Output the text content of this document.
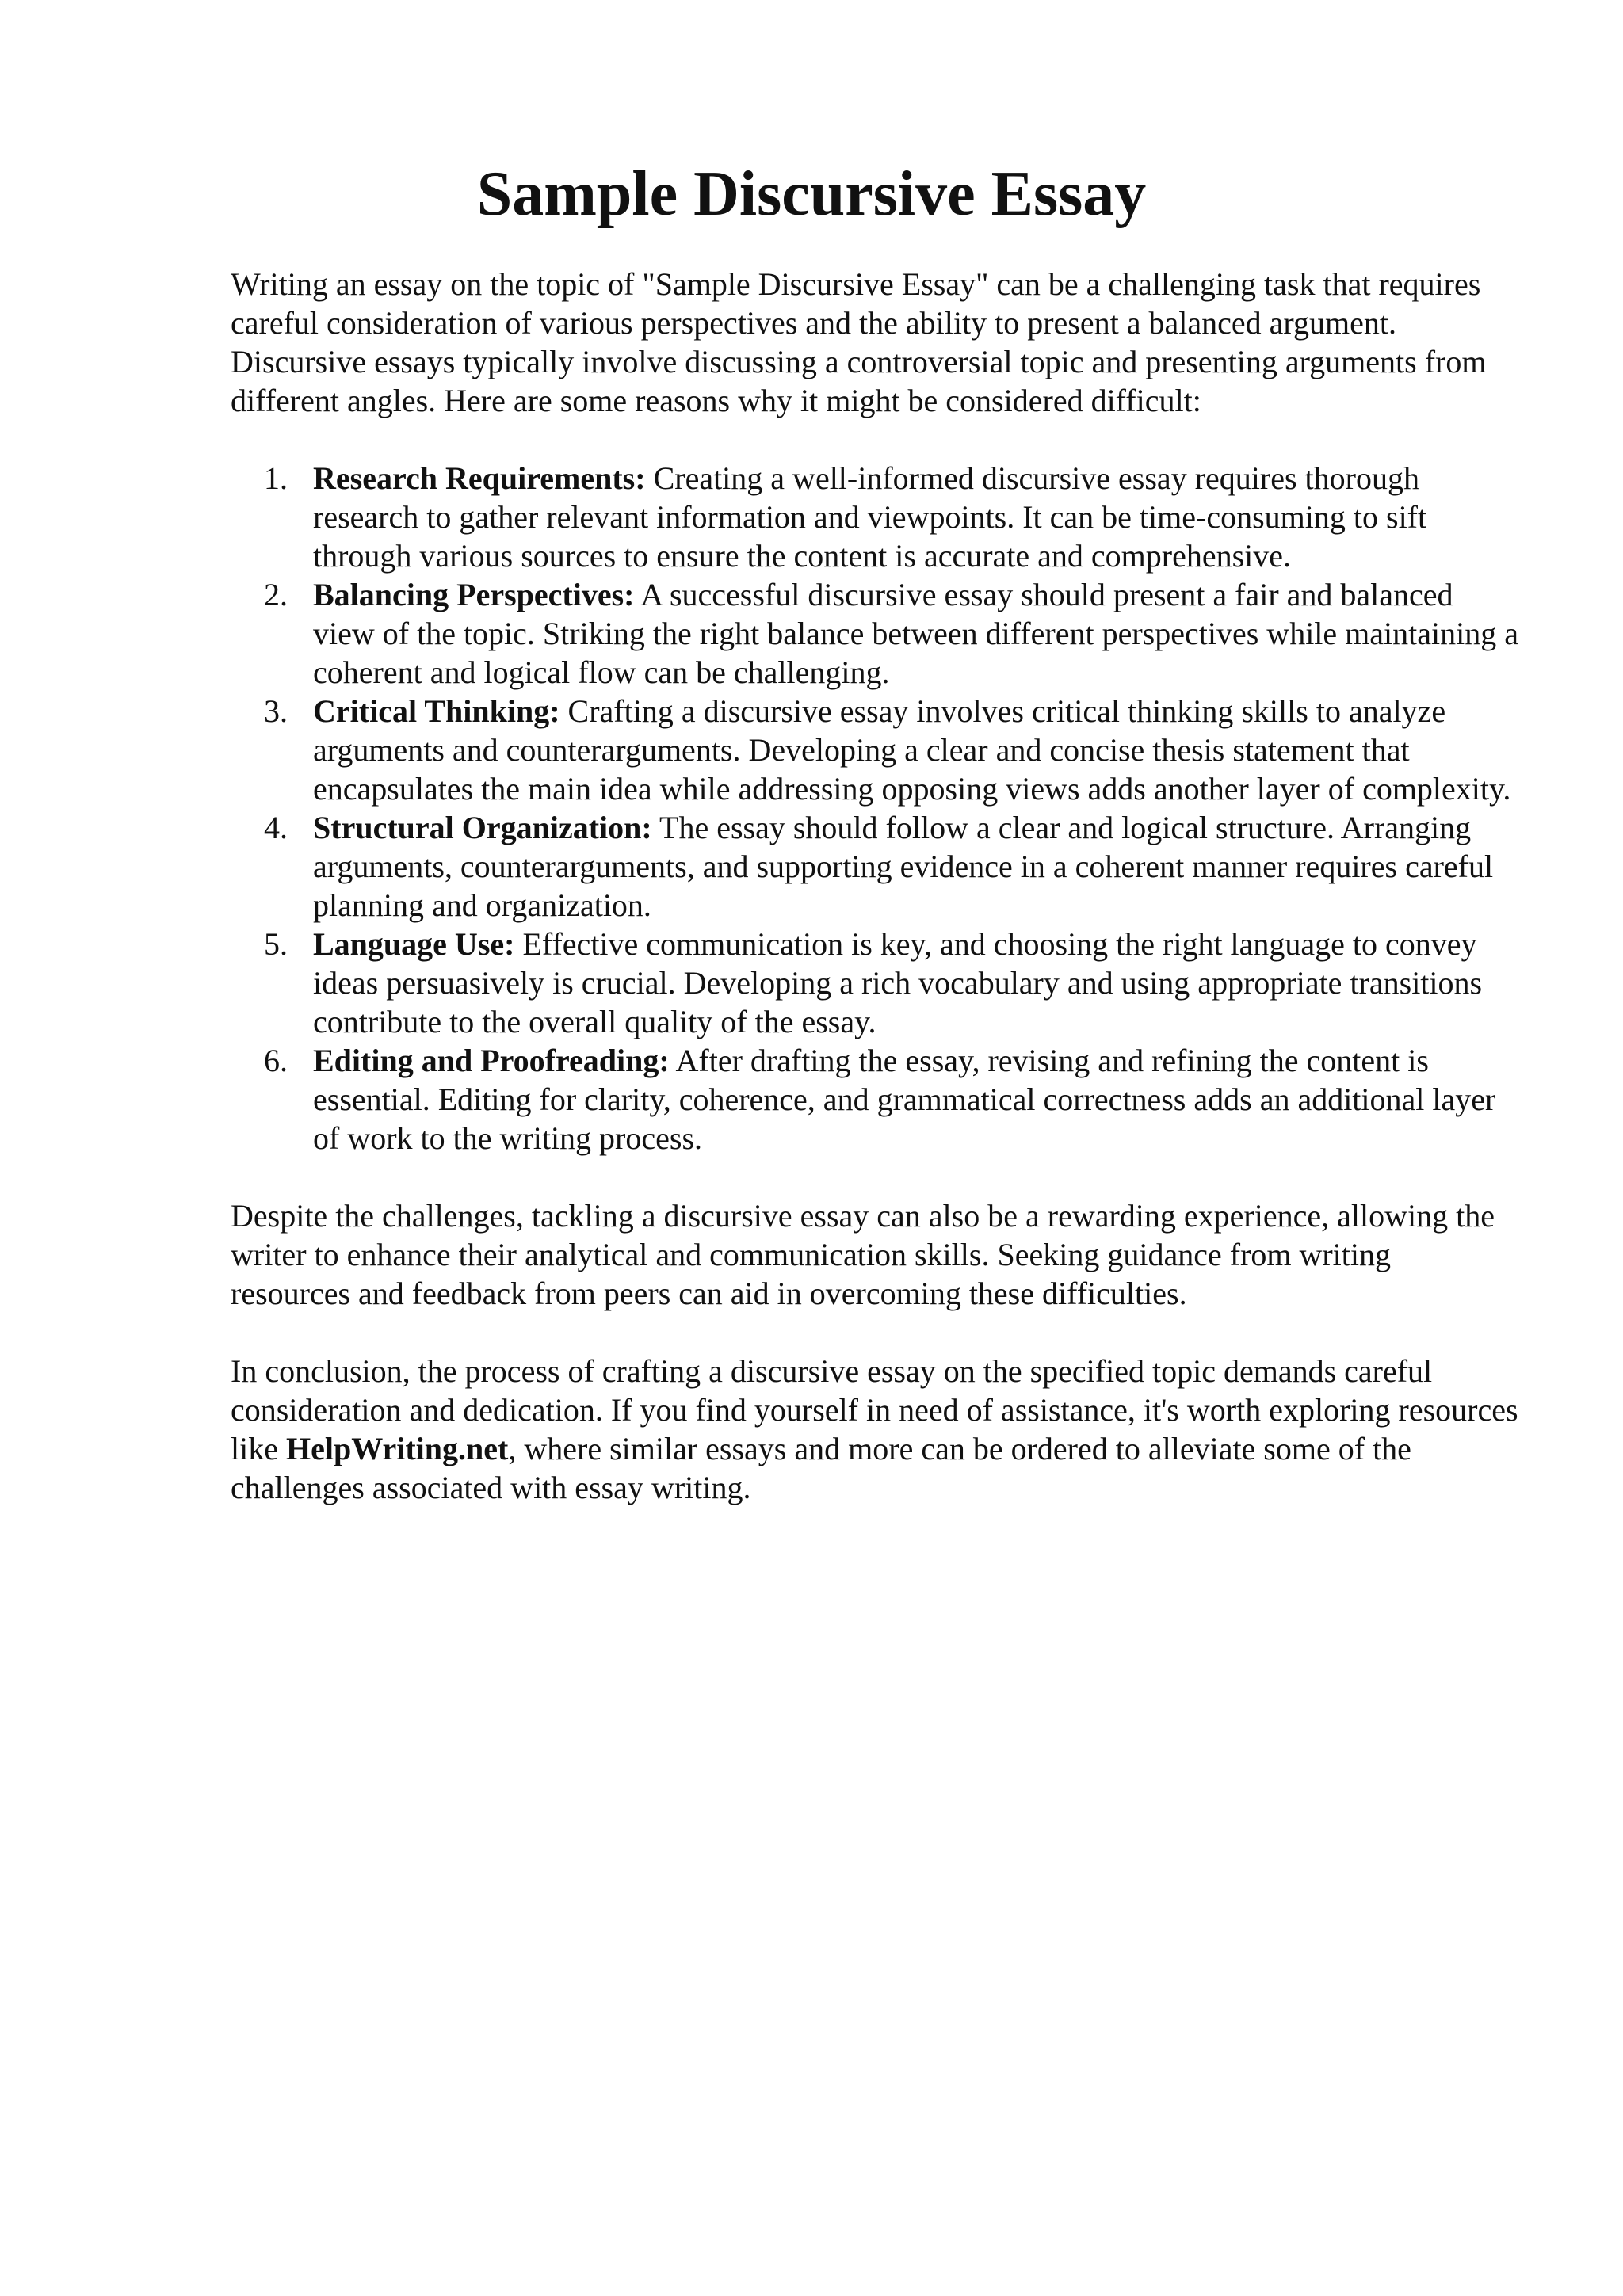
Sample Discursive Essay

Writing an essay on the topic of "Sample Discursive Essay" can be a challenging task that requires careful consideration of various perspectives and the ability to present a balanced argument. Discursive essays typically involve discussing a controversial topic and presenting arguments from different angles. Here are some reasons why it might be considered difficult:

1. Research Requirements: Creating a well-informed discursive essay requires thorough research to gather relevant information and viewpoints. It can be time-consuming to sift through various sources to ensure the content is accurate and comprehensive.
2. Balancing Perspectives: A successful discursive essay should present a fair and balanced view of the topic. Striking the right balance between different perspectives while maintaining a coherent and logical flow can be challenging.
3. Critical Thinking: Crafting a discursive essay involves critical thinking skills to analyze arguments and counterarguments. Developing a clear and concise thesis statement that encapsulates the main idea while addressing opposing views adds another layer of complexity.
4. Structural Organization: The essay should follow a clear and logical structure. Arranging arguments, counterarguments, and supporting evidence in a coherent manner requires careful planning and organization.
5. Language Use: Effective communication is key, and choosing the right language to convey ideas persuasively is crucial. Developing a rich vocabulary and using appropriate transitions contribute to the overall quality of the essay.
6. Editing and Proofreading: After drafting the essay, revising and refining the content is essential. Editing for clarity, coherence, and grammatical correctness adds an additional layer of work to the writing process.

Despite the challenges, tackling a discursive essay can also be a rewarding experience, allowing the writer to enhance their analytical and communication skills. Seeking guidance from writing resources and feedback from peers can aid in overcoming these difficulties.

In conclusion, the process of crafting a discursive essay on the specified topic demands careful consideration and dedication. If you find yourself in need of assistance, it's worth exploring resources like HelpWriting.net, where similar essays and more can be ordered to alleviate some of the challenges associated with essay writing.
